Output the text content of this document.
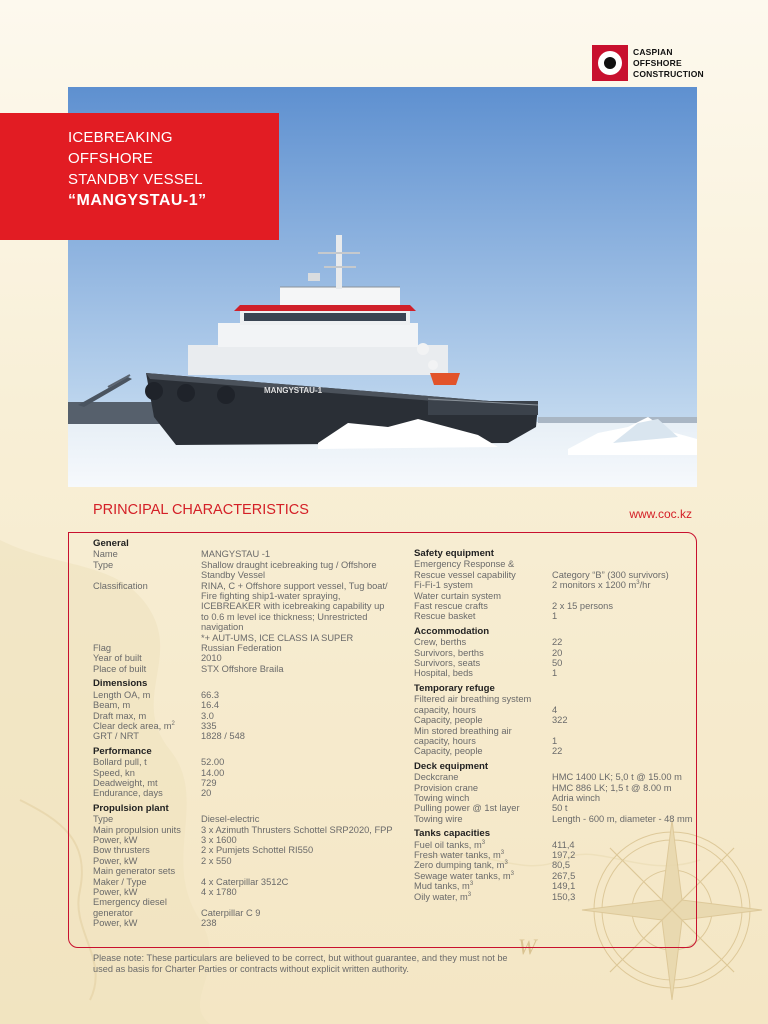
W
CASPIAN
OFFSHORE
CONSTRUCTION
MANGYSTAU-1
ICEBREAKING
OFFSHORE
STANDBY VESSEL
“MANGYSTAU-1”
PRINCIPAL CHARACTERISTICS	www.coc.kz
General
Name	MANGYSTAU -1
Type	Shallow draught icebreaking tug / Offshore Standby Vessel
Classification	RINA, C + Offshore support vessel, Tug boat/ Fire fighting ship1-water spraying, ICEBREAKER with icebreaking capability up to 0.6 m level ice thickness; Unrestricted navigation
*+ AUT-UMS, ICE CLASS IA SUPER
Flag	Russian Federation
Year of built	2010
Place of built	STX Offshore Braila
Dimensions
Length OA, m	66.3
Beam, m	16.4
Draft max, m	3.0
Clear deck area, $m^2$	335
GRT / NRT	1828 / 548
Performance
Bollard pull, t	52.00
Speed, kn	14.00
Deadweight, mt	729
Endurance, days	20
Propulsion plant
Type	Diesel-electric
Main propulsion units	3 x Azimuth Thrusters Schottel SRP2020, FPP
Power, kW	3 x 1600
Bow thrusters	2 x Pumjets Schottel RI550
Power, kW	2 x 550
Main generator sets
Maker / Type	4 x Caterpillar 3512C
Power, kW	4 x 1780
Emergency diesel
generator	Caterpillar C 9
Power, kW	238
Safety equipment
Emergency Response &
Rescue vessel capability	Category “B” (300 survivors)
Fi-Fi-1 system	2 monitors x 1200 $m^3/hr$
Water curtain system
Fast rescue crafts	2 x 15 persons
Rescue basket	1
Accommodation
Crew, berths	22
Survivors, berths	20
Survivors, seats	50
Hospital, beds	1
Temporary refuge
Filtered air breathing system
capacity, hours	4
Capacity, people	322
Min stored breathing air
capacity, hours	1
Capacity, people	22
Deck equipment
Deckcrane	HMC 1400 LK; 5,0 t @ 15.00 m
Provision crane	HMC 886 LK; 1,5 t @ 8.00 m
Towing winch	Adria winch
Pulling power @ 1st layer	50 t
Towing wire	Length - 600 m, diameter - 48 mm
Tanks capacities
Fuel oil tanks, $m^3$	411,4
Fresh water tanks, $m^3$	197,2
Zero dumping tank, $m^3$	80,5
Sewage water tanks, $m^3$	267,5
Mud tanks, $m^3$	149,1
Oily water, $m^3$	150,3
Please note: These particulars are believed to be correct, but without guarantee, and they must not be used as basis for Charter Parties or contracts without explicit written authority.
